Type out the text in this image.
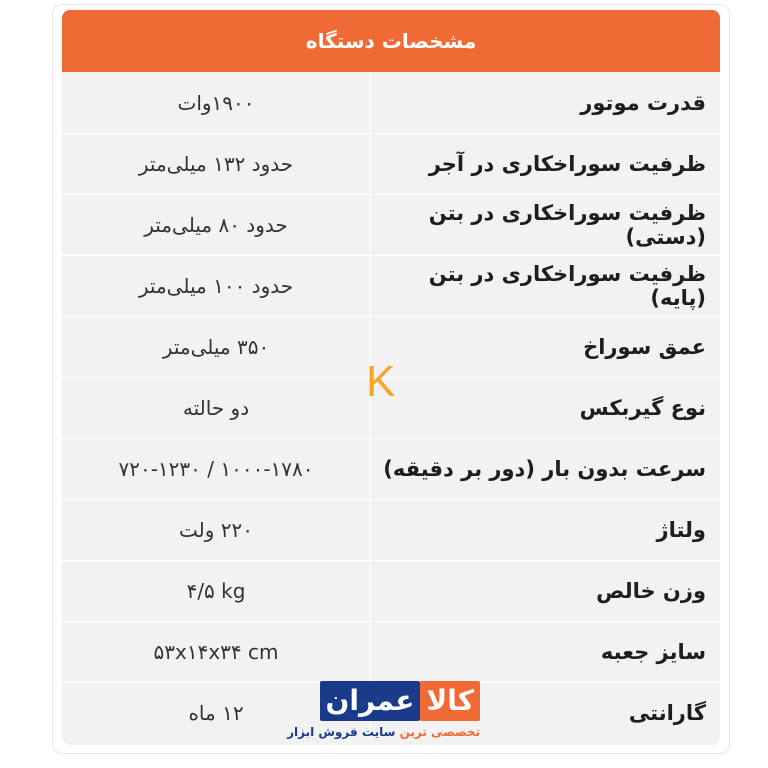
مشخصات دستگاه
قدرت موتور
۱۹۰۰وات
ظرفیت سوراخکاری در آجر
حدود ۱۳۲ میلی‌متر
ظرفیت سوراخکاری در بتن (دستی)
حدود ۸۰ میلی‌متر
ظرفیت سوراخکاری در بتن (پایه)
حدود ۱۰۰ میلی‌متر
عمق سوراخ
۳۵۰ میلی‌متر
نوع گیربکس
دو حالته
سرعت بدون بار (دور بر دقیقه)
۷۲۰-۱۲۳۰ / ۱۰۰۰-۱۷۸۰
ولتاژ
۲۲۰ ولت
وزن خالص
۴/۵ kg
سایز جعبه
۵۳x۱۴x۳۴ cm
گارانتی
۱۲ ماه
K
کالا
عمران
تخصصی ترین سایت فروش ابزار
